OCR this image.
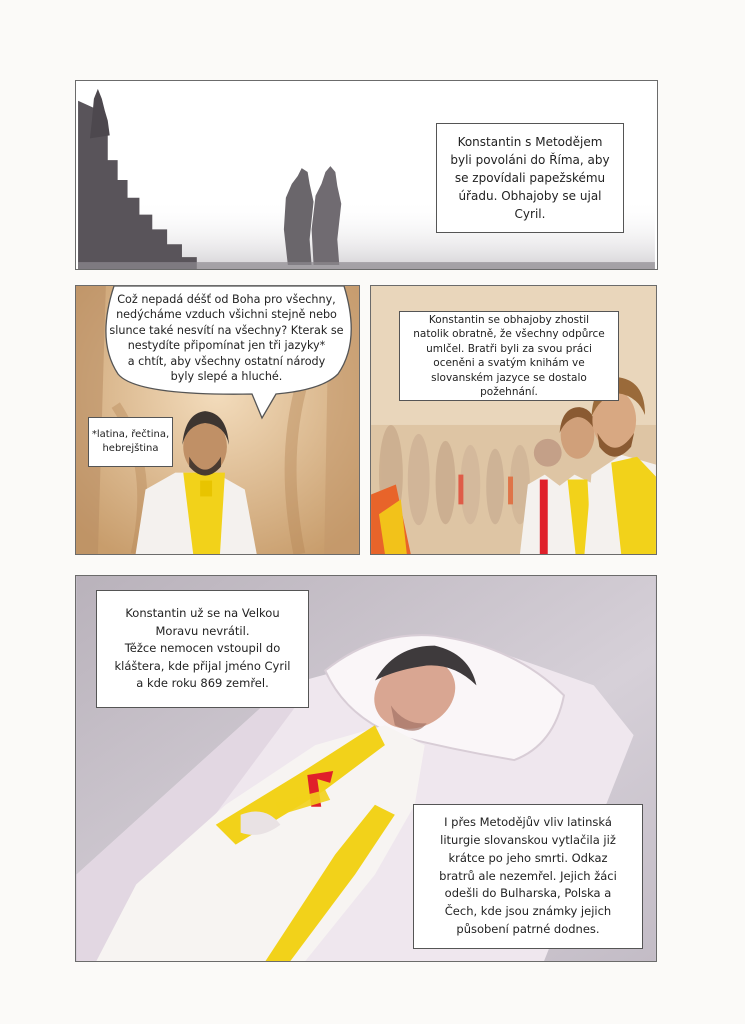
Konstantin s Metodějem
byli povoláni do Říma, aby
se zpovídali papežskému
úřadu. Obhajoby se ujal
Cyril.
Což nepadá déšť od Boha pro všechny,
nedýcháme vzduch všichni stejně nebo
slunce také nesvítí na všechny? Kterak se
nestydíte připomínat jen tři jazyky*
a chtít, aby všechny ostatní národy
byly slepé a hluché.
*latina, řečtina,
hebrejština
Konstantin se obhajoby zhostil
natolik obratně, že všechny odpůrce
umlčel. Bratři byli za svou práci
oceněni a svatým knihám ve
slovanském jazyce se dostalo
požehnání.
Konstantin už se na Velkou
Moravu nevrátil.
Těžce nemocen vstoupil do
kláštera, kde přijal jméno Cyril
a kde roku 869 zemřel.
I přes Metodějův vliv latinská
liturgie slovanskou vytlačila již
krátce po jeho smrti. Odkaz
bratrů ale nezemřel. Jejich žáci
odešli do Bulharska, Polska a
Čech, kde jsou známky jejich
působení patrné dodnes.
